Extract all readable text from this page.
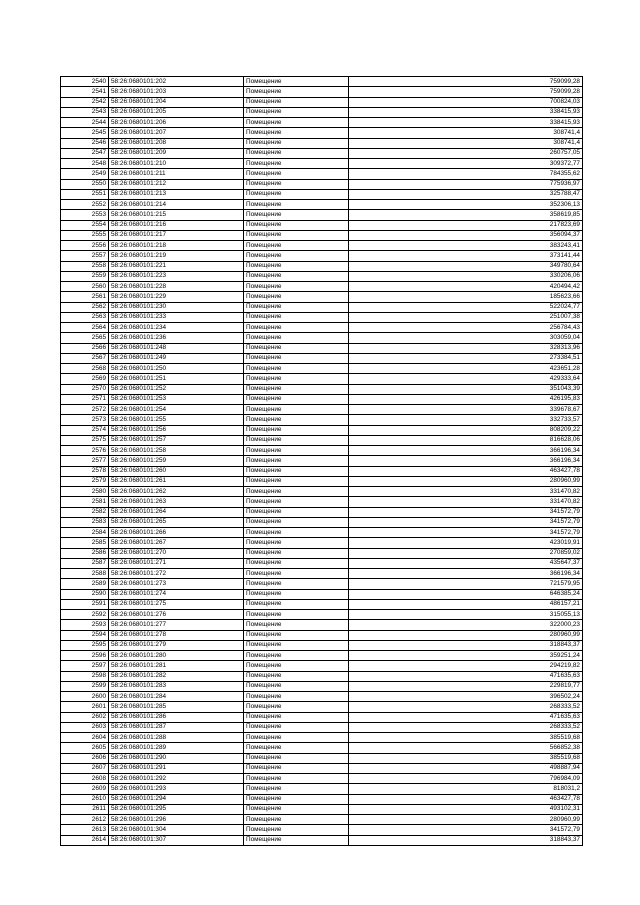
2540	58:26:0680101:202	Помещение	759099,28
2541	58:26:0680101:203	Помещение	759099,28
2542	58:26:0680101:204	Помещение	700824,03
2543	58:26:0680101:205	Помещение	338415,93
2544	58:26:0680101:206	Помещение	338415,93
2545	58:26:0680101:207	Помещение	308741,4
2546	58:26:0680101:208	Помещение	308741,4
2547	58:26:0680101:209	Помещение	260757,05
2548	58:26:0680101:210	Помещение	309372,77
2549	58:26:0680101:211	Помещение	784355,62
2550	58:26:0680101:212	Помещение	775936,97
2551	58:26:0680101:213	Помещение	325788,47
2552	58:26:0680101:214	Помещение	352306,13
2553	58:26:0680101:215	Помещение	358619,85
2554	58:26:0680101:216	Помещение	217823,69
2555	58:26:0680101:217	Помещение	356094,37
2556	58:26:0680101:218	Помещение	383243,41
2557	58:26:0680101:219	Помещение	373141,44
2558	58:26:0680101:221	Помещение	349780,64
2559	58:26:0680101:223	Помещение	330206,06
2560	58:26:0680101:228	Помещение	420494,42
2561	58:26:0680101:229	Помещение	185623,66
2562	58:26:0680101:230	Помещение	522024,77
2563	58:26:0680101:233	Помещение	251007,38
2564	58:26:0680101:234	Помещение	256784,43
2565	58:26:0680101:236	Помещение	303059,04
2566	58:26:0680101:248	Помещение	328313,96
2567	58:26:0680101:249	Помещение	273384,51
2568	58:26:0680101:250	Помещение	423651,28
2569	58:26:0680101:251	Помещение	429333,64
2570	58:26:0680101:252	Помещение	351043,39
2571	58:26:0680101:253	Помещение	426195,83
2572	58:26:0680101:254	Помещение	339678,67
2573	58:26:0680101:255	Помещение	332733,57
2574	58:26:0680101:256	Помещение	808209,22
2575	58:26:0680101:257	Помещение	816628,06
2576	58:26:0680101:258	Помещение	366196,34
2577	58:26:0680101:259	Помещение	366196,34
2578	58:26:0680101:260	Помещение	463427,78
2579	58:26:0680101:261	Помещение	280960,99
2580	58:26:0680101:262	Помещение	331470,82
2581	58:26:0680101:263	Помещение	331470,82
2582	58:26:0680101:264	Помещение	341572,79
2583	58:26:0680101:265	Помещение	341572,79
2584	58:26:0680101:266	Помещение	341572,79
2585	58:26:0680101:267	Помещение	423019,91
2586	58:26:0680101:270	Помещение	270859,02
2587	58:26:0680101:271	Помещение	435647,37
2588	58:26:0680101:272	Помещение	366196,34
2589	58:26:0680101:273	Помещение	721579,95
2590	58:26:0680101:274	Помещение	646385,24
2591	58:26:0680101:275	Помещение	486157,21
2592	58:26:0680101:276	Помещение	315055,13
2593	58:26:0680101:277	Помещение	322000,23
2594	58:26:0680101:278	Помещение	280960,99
2595	58:26:0680101:279	Помещение	318843,37
2596	58:26:0680101:280	Помещение	359251,24
2597	58:26:0680101:281	Помещение	294219,82
2598	58:26:0680101:282	Помещение	471635,63
2599	58:26:0680101:283	Помещение	229819,77
2600	58:26:0680101:284	Помещение	396502,24
2601	58:26:0680101:285	Помещение	268333,52
2602	58:26:0680101:286	Помещение	471635,63
2603	58:26:0680101:287	Помещение	268333,52
2604	58:26:0680101:288	Помещение	385519,68
2605	58:26:0680101:289	Помещение	566852,38
2606	58:26:0680101:290	Помещение	385519,68
2607	58:26:0680101:291	Помещение	498887,94
2608	58:26:0680101:292	Помещение	796984,09
2609	58:26:0680101:293	Помещение	818031,2
2610	58:26:0680101:294	Помещение	463427,78
2611	58:26:0680101:295	Помещение	493102,31
2612	58:26:0680101:296	Помещение	280960,99
2613	58:26:0680101:304	Помещение	341572,79
2614	58:26:0680101:307	Помещение	318843,37
